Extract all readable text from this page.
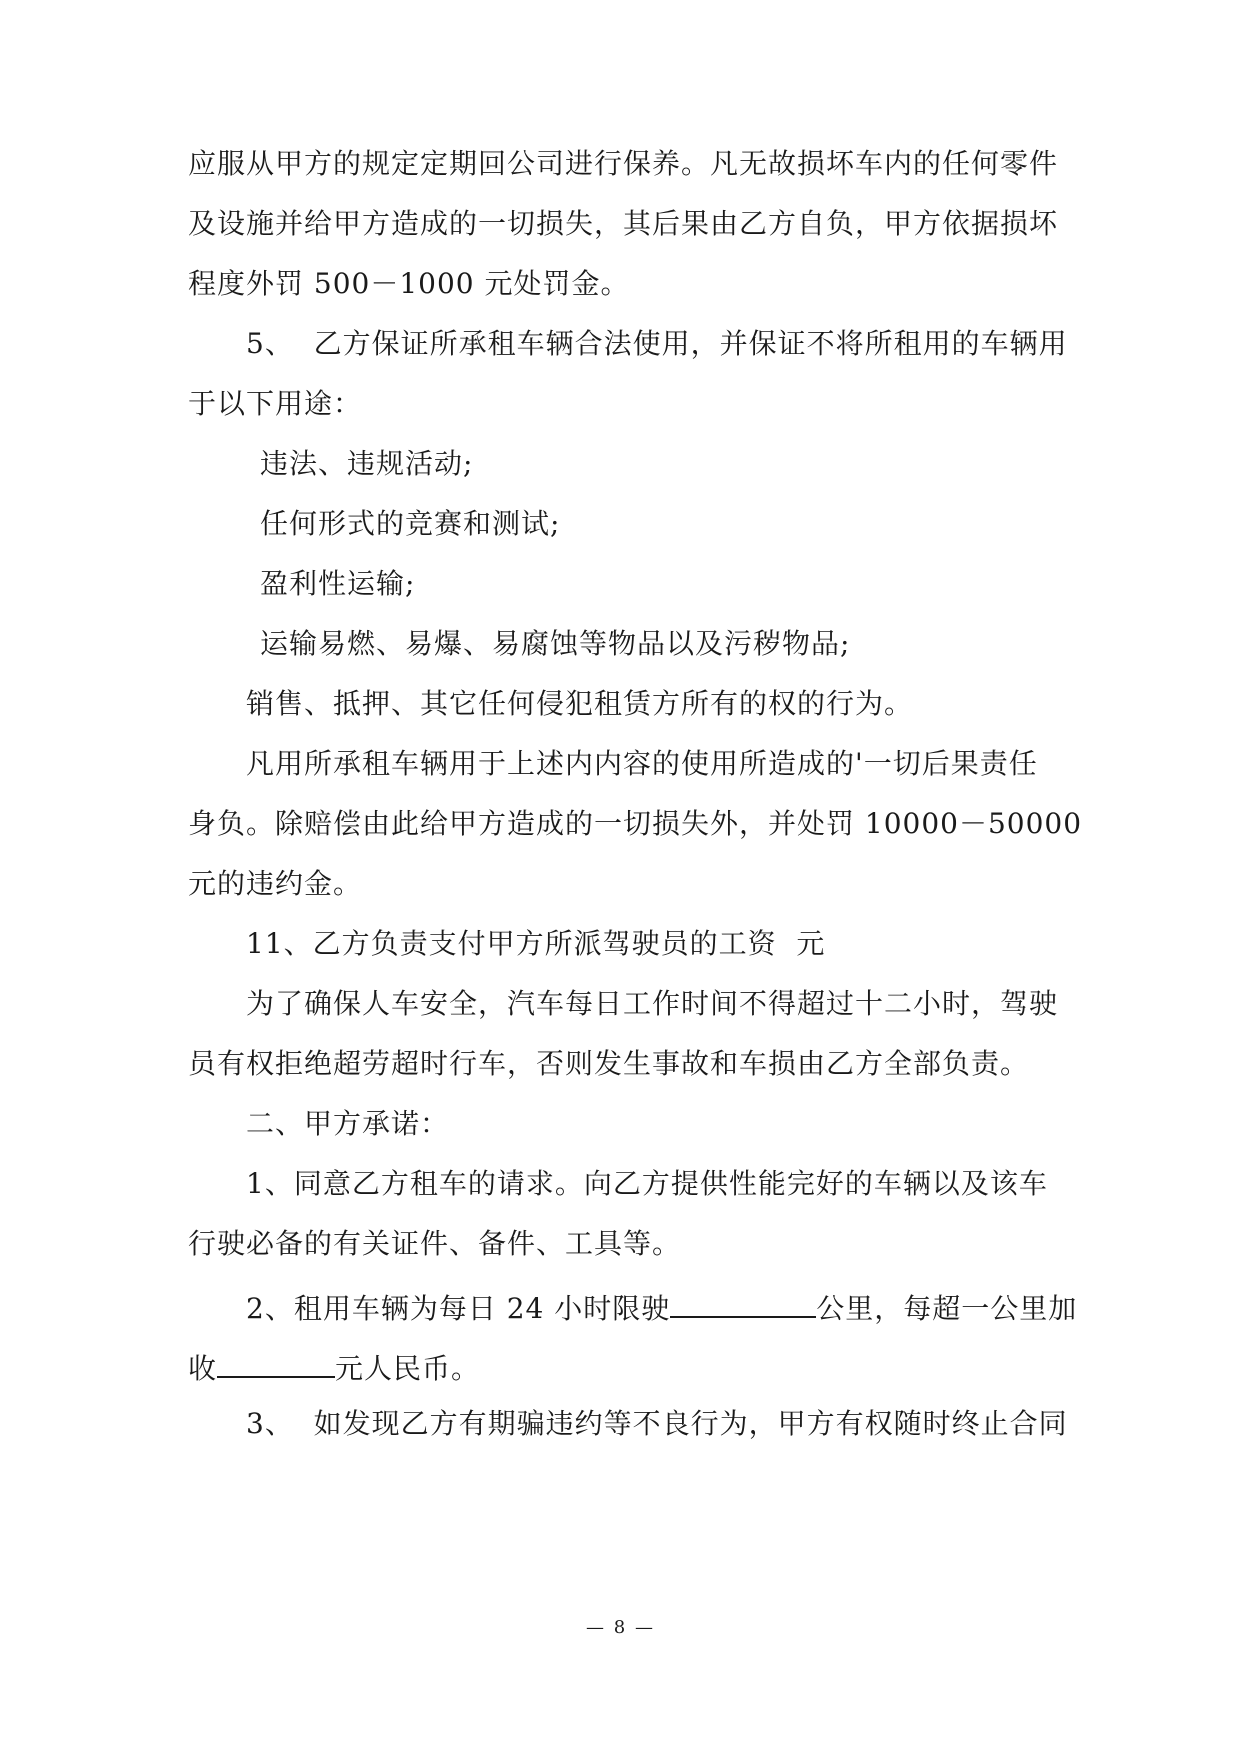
应服从甲方的规定定期回公司进行保养。凡无故损坏车内的任何零件

及设施并给甲方造成的一切损失，其后果由乙方自负，甲方依据损坏

程度外罚 500－1000 元处罚金。

5、  乙方保证所承租车辆合法使用，并保证不将所租用的车辆用

于以下用途：

违法、违规活动;

任何形式的竞赛和测试;

盈利性运输;

运输易燃、易爆、易腐蚀等物品以及污秽物品;

销售、抵押、其它任何侵犯租赁方所有的权的行为。

凡用所承租车辆用于上述内内容的使用所造成的'一切后果责任

身负。除赔偿由此给甲方造成的一切损失外，并处罚 10000－50000

元的违约金。

11、乙方负责支付甲方所派驾驶员的工资  元

为了确保人车安全，汽车每日工作时间不得超过十二小时，驾驶

员有权拒绝超劳超时行车，否则发生事故和车损由乙方全部负责。

二、甲方承诺：

1、同意乙方租车的请求。向乙方提供性能完好的车辆以及该车

行驶必备的有关证件、备件、工具等。

2、租用车辆为每日 24 小时限驶	公里，每超一公里加

收	元人民币。

3、  如发现乙方有期骗违约等不良行为，甲方有权随时终止合同

— 8 —
